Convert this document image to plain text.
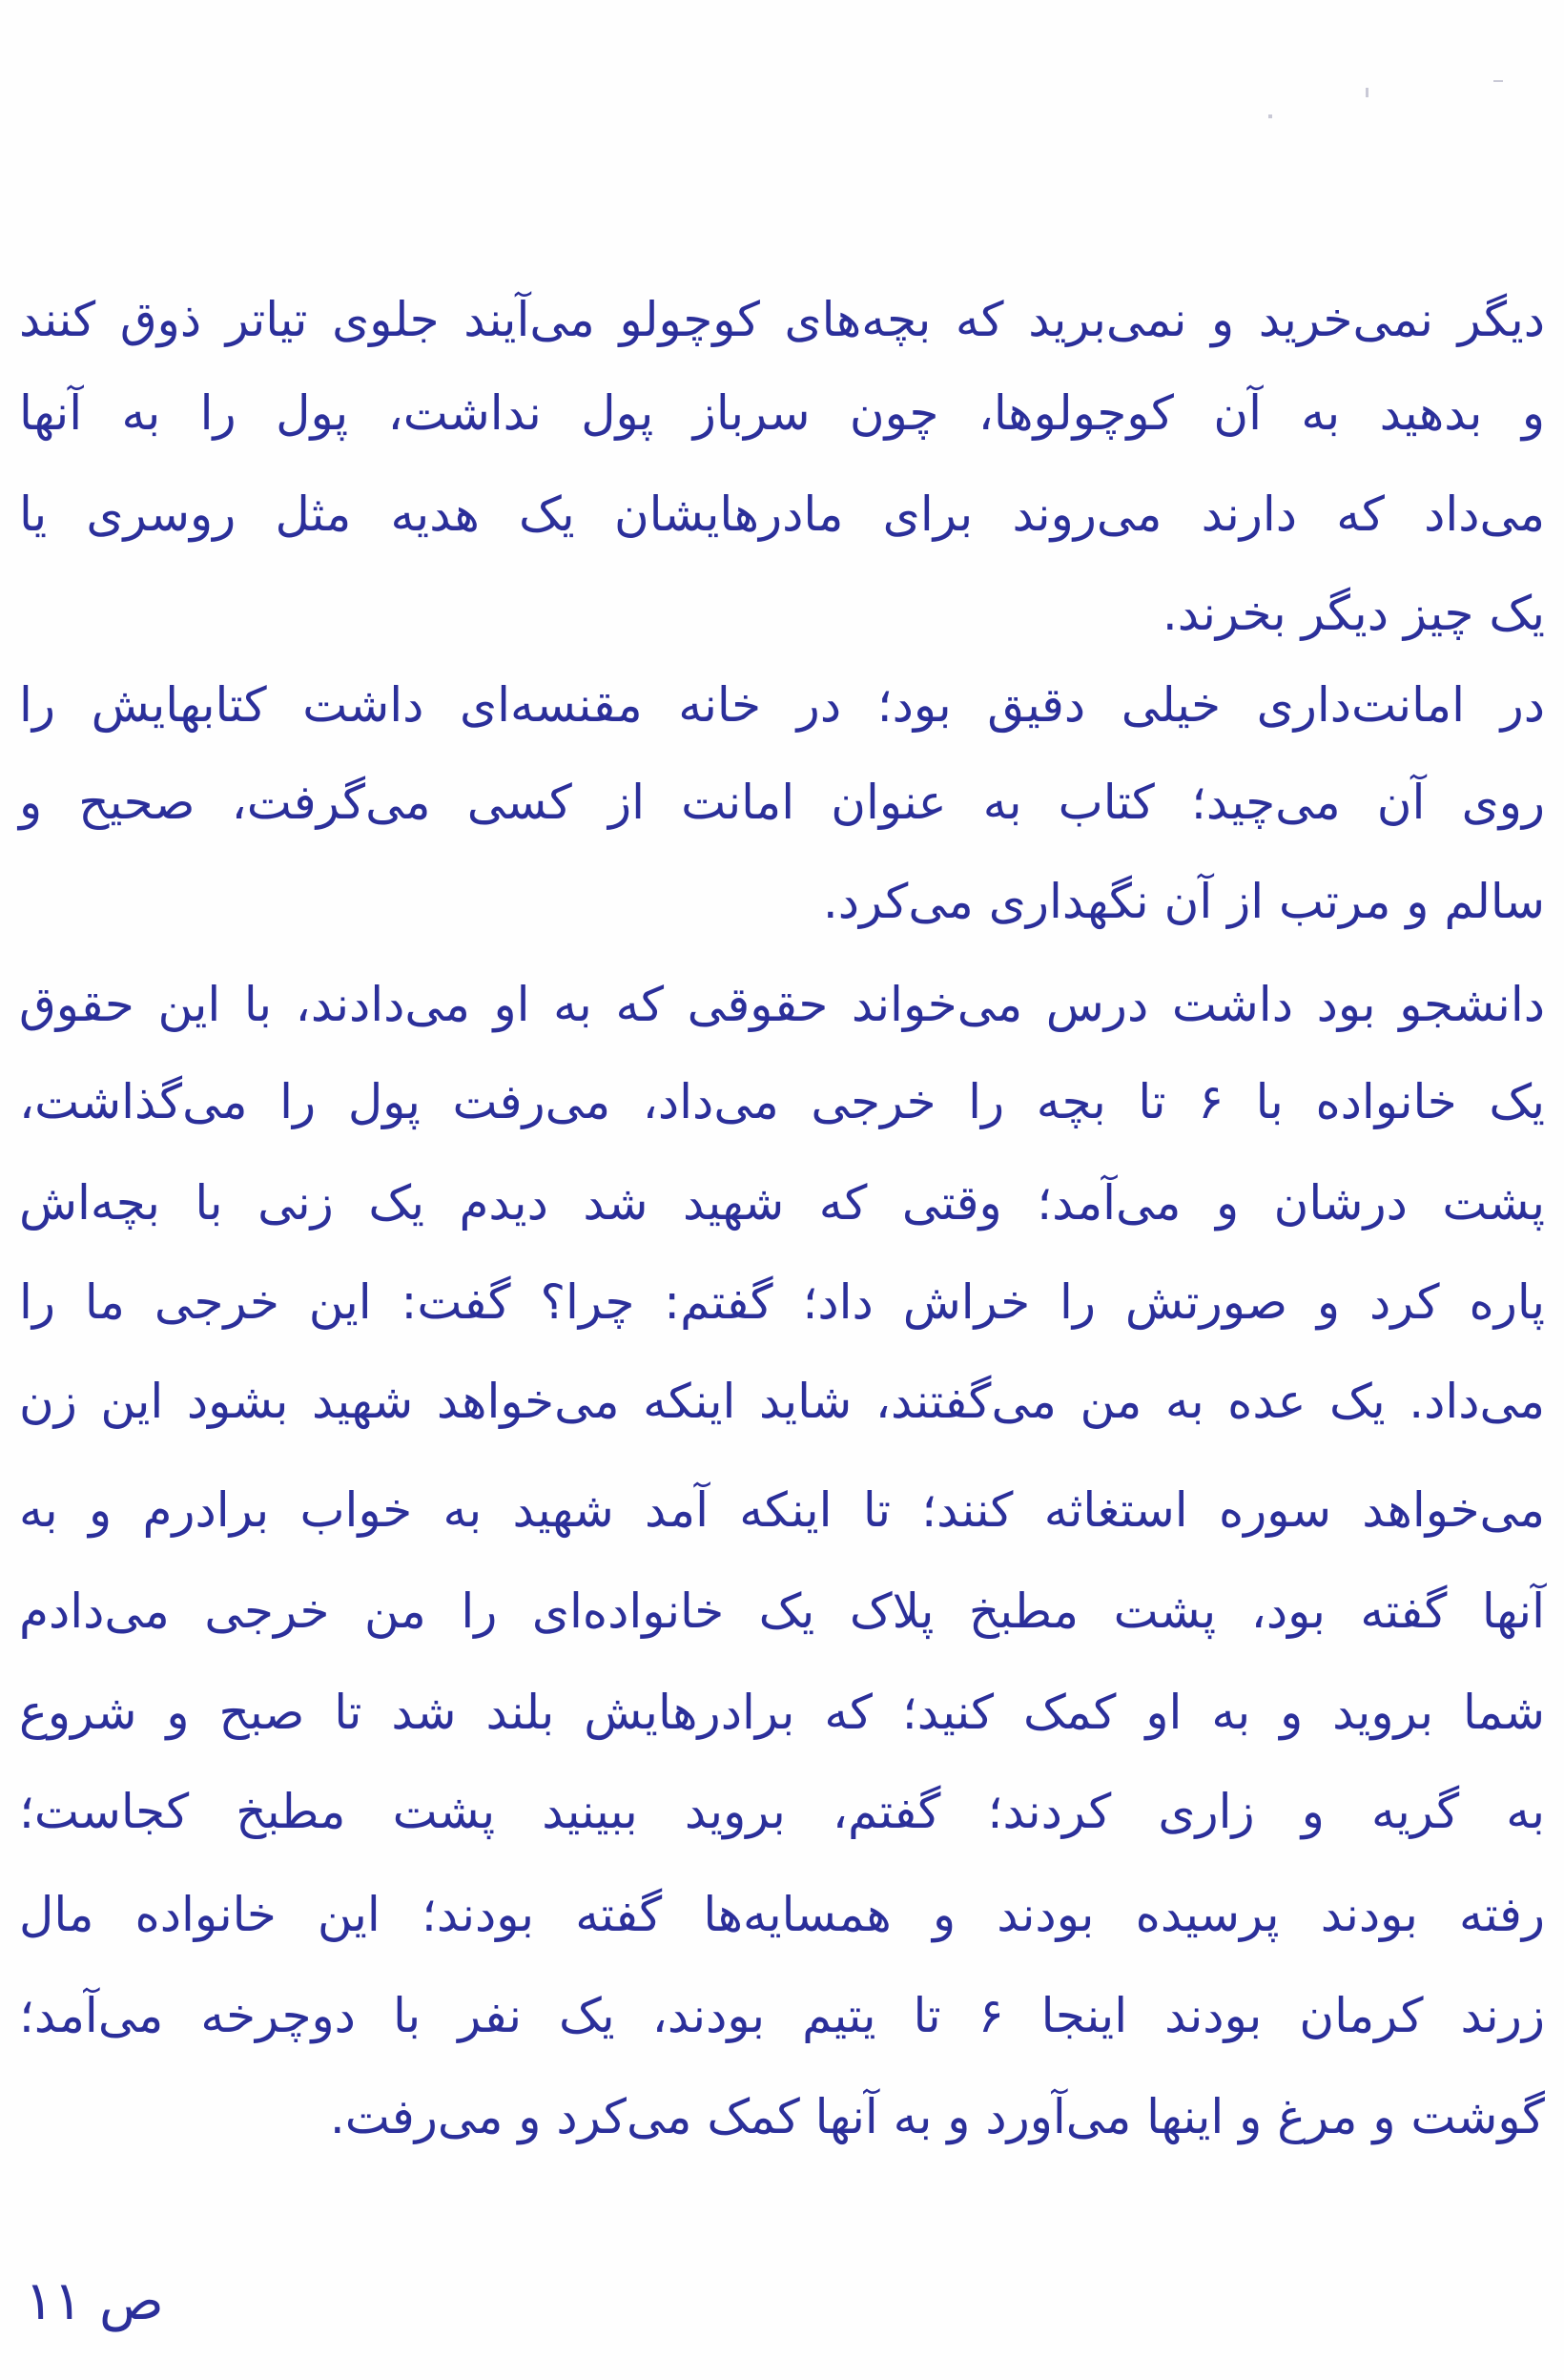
دیگر نمی‌خرید و نمی‌برید که بچه‌های کوچولو می‌آیند جلوی تیاتر ذوق کنند
و بدهید به آن کوچولوها، چون سرباز پول نداشت، پول را به آنها
می‌داد که دارند می‌روند برای مادرهایشان یک هدیه مثل روسری یا
یک چیز دیگر بخرند.
در امانت‌داری خیلی دقیق بود؛ در خانه مقنسه‌ای داشت کتابهایش را
روی آن می‌چید؛ کتاب به عنوان امانت از کسی می‌گرفت، صحیح و
سالم و مرتب از آن نگهداری می‌کرد.
دانشجو بود داشت درس می‌خواند حقوقی که به او می‌دادند، با این حقوق
یک خانواده با ۶ تا بچه را خرجی می‌داد، می‌رفت پول را می‌گذاشت،
پشت درشان و می‌آمد؛ وقتی که شهید شد دیدم یک زنی با بچه‌اش
پاره کرد و صورتش را خراش داد؛ گفتم: چرا؟ گفت: این خرجی ما را
می‌داد. یک عده به من می‌گفتند، شاید اینکه می‌خواهد شهید بشود این زن
می‌خواهد سوره استغاثه کنند؛ تا اینکه آمد شهید به خواب برادرم و به
آنها گفته بود، پشت مطبخ پلاک یک خانواده‌ای را من خرجی می‌دادم
شما بروید و به او کمک کنید؛ که برادرهایش بلند شد تا صبح و شروع
به گریه و زاری کردند؛ گفتم، بروید ببینید پشت مطبخ کجاست؛
رفته بودند پرسیده بودند و همسایه‌ها گفته بودند؛ این خانواده مال
زرند کرمان بودند اینجا ۶ تا یتیم بودند، یک نفر با دوچرخه می‌آمد؛
گوشت و مرغ و اینها می‌آورد و به آنها کمک می‌کرد و می‌رفت.
ص ۱۱
